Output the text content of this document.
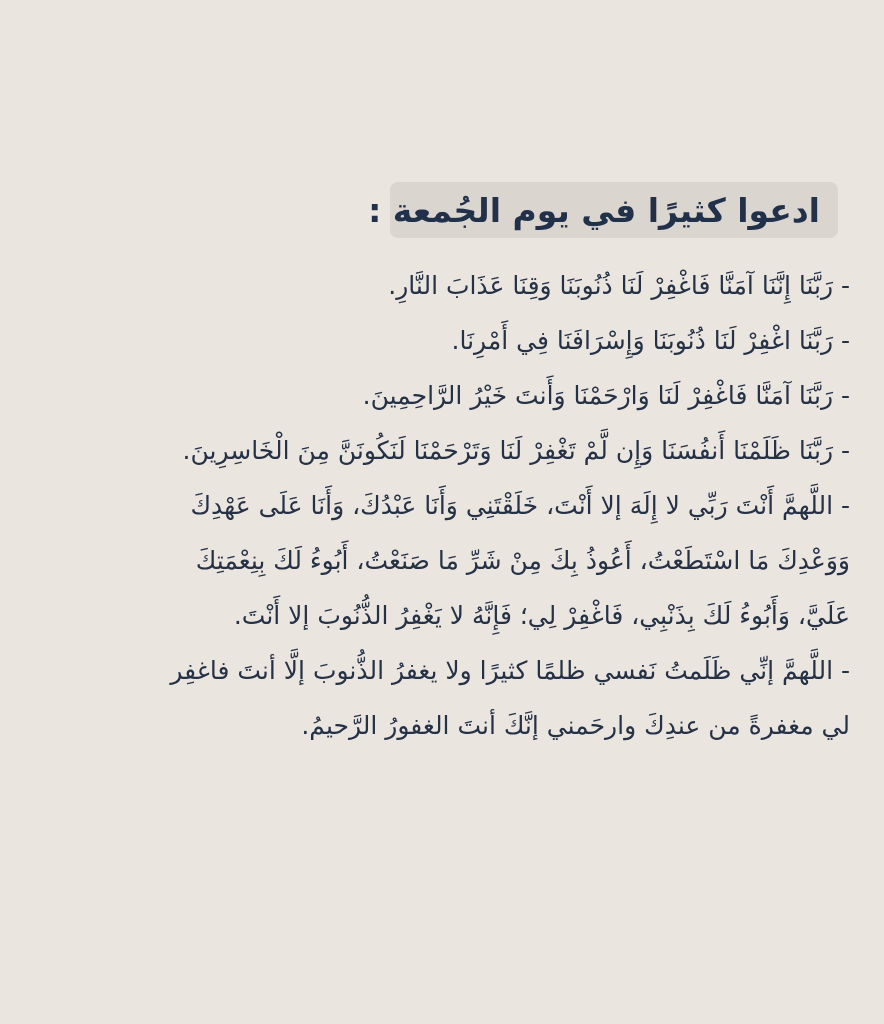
ادعوا كثيرًا في يوم الجُمعة :

- رَبَّنَا إِنَّنَا آمَنَّا فَاغْفِرْ لَنَا ذُنُوبَنَا وَقِنَا عَذَابَ النَّارِ.

- رَبَّنَا اغْفِرْ لَنَا ذُنُوبَنَا وَإِسْرَافَنَا فِي أَمْرِنَا.

- رَبَّنَا آمَنَّا فَاغْفِرْ لَنَا وَارْحَمْنَا وَأَنتَ خَيْرُ الرَّاحِمِينَ.

- رَبَّنَا ظَلَمْنَا أَنفُسَنَا وَإِن لَّمْ تَغْفِرْ لَنَا وَتَرْحَمْنَا لَنَكُونَنَّ مِنَ الْخَاسِرِينَ.

- اللَّهمَّ أَنْتَ رَبِّي لا إِلَهَ إلا أَنْتَ، خَلَقْتَنِي وَأَنَا عَبْدُكَ، وَأَنَا عَلَى عَهْدِكَ وَوَعْدِكَ مَا اسْتَطَعْتُ، أَعُوذُ بِكَ مِنْ شَرِّ مَا صَنَعْتُ، أَبُوءُ لَكَ بِنِعْمَتِكَ عَلَيَّ، وَأَبُوءُ لَكَ بِذَنْبِي، فَاغْفِرْ لِي؛ فَإِنَّهُ لا يَغْفِرُ الذُّنُوبَ إلا أَنْتَ.

- اللَّهمَّ إنِّي ظَلَمتُ نَفسي ظلمًا كثيرًا ولا يغفرُ الذُّنوبَ إلَّا أنتَ فاغفِر لي مغفرةً من عندِكَ وارحَمني إنَّكَ أنتَ الغفورُ الرَّحيمُ.
